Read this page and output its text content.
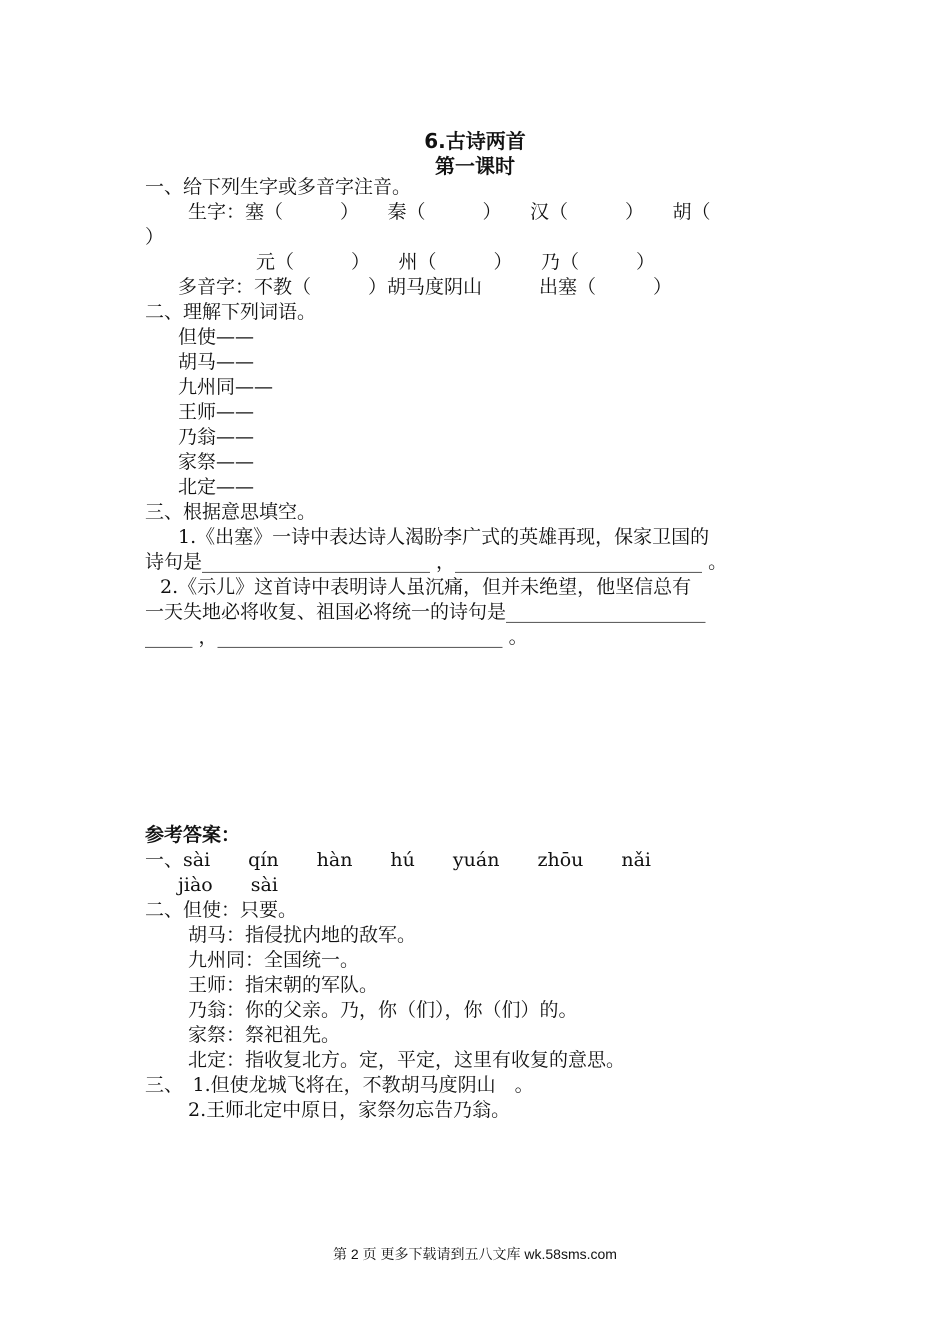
6.古诗两首
第一课时
一、给下列生字或多音字注音。
生字：塞（　　　）　　秦（　　　）　　汉（　　　）　　胡（
）
元（　　　）　　州（　　　）　　乃（　　　）
多音字：不教（　　　）胡马度阴山　　　出塞（　　　）
二、理解下列词语。
但使——
胡马——
九州同——
王师——
乃翁——
家祭——
北定——
三、根据意思填空。
1.《出塞》一诗中表达诗人渴盼李广式的英雄再现，保家卫国的
诗句是________________________ ，__________________________ 。
2.《示儿》这首诗中表明诗人虽沉痛，但并未绝望，他坚信总有
一天失地必将收复、祖国必将统一的诗句是_____________________
_____ ，______________________________ 。
参考答案：
一、sài　　qín　　hàn　　hú　　yuán　　zhōu　　nǎi
jiào　　sài
二、但使：只要。
胡马：指侵扰内地的敌军。
九州同：全国统一。
王师：指宋朝的军队。
乃翁：你的父亲。乃，你（们），你（们）的。
家祭：祭祀祖先。
北定：指收复北方。定，平定，这里有收复的意思。
三、　1.但使龙城飞将在，不教胡马度阴山　。
2.王师北定中原日，家祭勿忘告乃翁。
第 2 页 更多下载请到五八文库 wk.58sms.com
